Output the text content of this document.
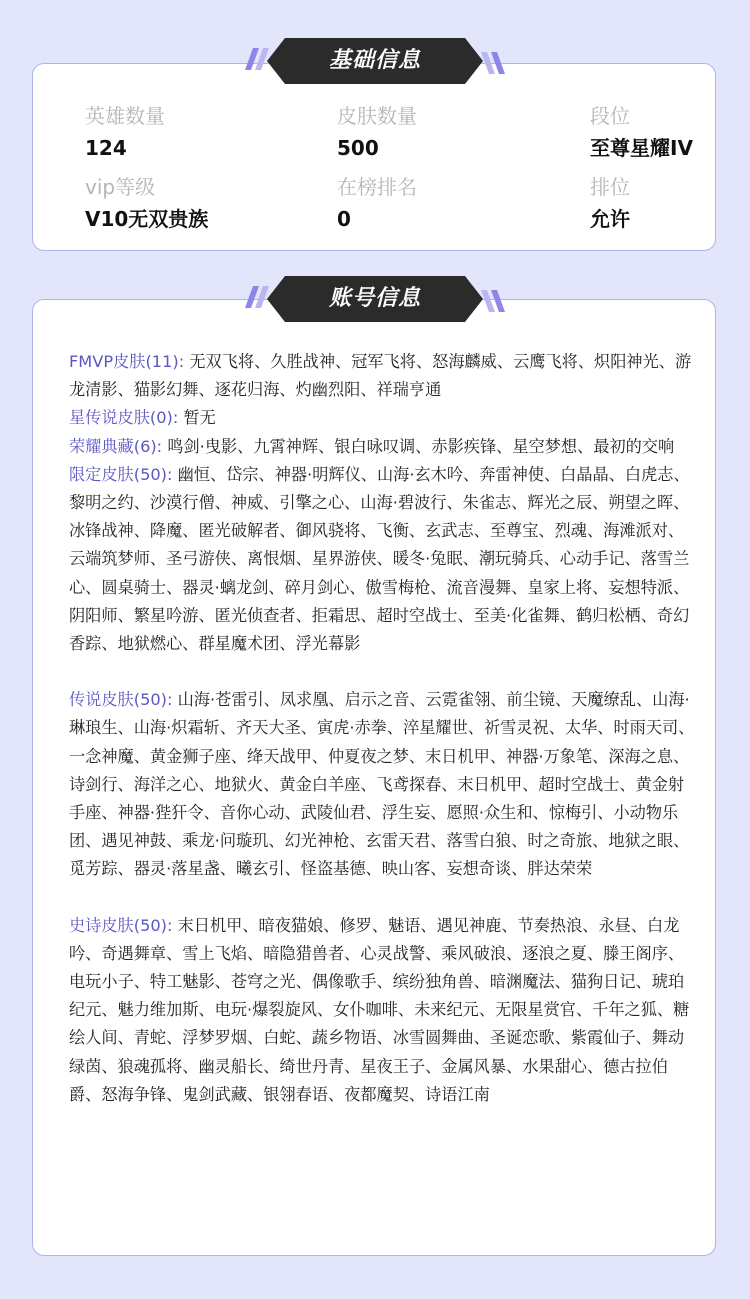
英雄数量
124
皮肤数量
500
段位
至尊星耀IV
vip等级
V10无双贵族
在榜排名
0
排位
允许
基础信息
FMVP皮肤(11): 无双飞将、久胜战神、冠军飞将、怒海麟威、云鹰飞将、炽阳神光、游龙清影、猫影幻舞、逐花归海、灼幽烈阳、祥瑞亨通
星传说皮肤(0): 暂无
荣耀典藏(6): 鸣剑·曳影、九霄神辉、银白咏叹调、赤影疾锋、星空梦想、最初的交响
限定皮肤(50): 幽恒、岱宗、神器·明辉仪、山海·玄木吟、奔雷神使、白晶晶、白虎志、黎明之约、沙漠行僧、神威、引擎之心、山海·碧波行、朱雀志、辉光之辰、朔望之晖、冰锋战神、降魔、匿光破解者、御风骁将、飞衡、玄武志、至尊宝、烈魂、海滩派对、云端筑梦师、圣弓游侠、离恨烟、星界游侠、暖冬·兔眠、潮玩骑兵、心动手记、落雪兰心、圆桌骑士、器灵·螭龙剑、碎月剑心、傲雪梅枪、流音漫舞、皇家上将、妄想特派、阴阳师、繁星吟游、匿光侦查者、拒霜思、超时空战士、至美·化雀舞、鹤归松栖、奇幻香踪、地狱燃心、群星魔术团、浮光幕影
传说皮肤(50): 山海·苍雷引、凤求凰、启示之音、云霓雀翎、前尘镜、天魔缭乱、山海·琳琅生、山海·炽霜斩、齐天大圣、寅虎·赤拳、淬星耀世、祈雪灵祝、太华、时雨天司、一念神魔、黄金狮子座、绛天战甲、仲夏夜之梦、末日机甲、神器·万象笔、深海之息、诗剑行、海洋之心、地狱火、黄金白羊座、飞鸢探春、末日机甲、超时空战士、黄金射手座、神器·狴犴令、音你心动、武陵仙君、浮生妄、愿照·众生和、惊梅引、小动物乐团、遇见神鼓、乘龙·问璇玑、幻光神枪、玄雷天君、落雪白狼、时之奇旅、地狱之眼、觅芳踪、器灵·落星盏、曦玄引、怪盗基德、映山客、妄想奇谈、胖达荣荣
史诗皮肤(50): 末日机甲、暗夜猫娘、修罗、魅语、遇见神鹿、节奏热浪、永昼、白龙吟、奇遇舞章、雪上飞焰、暗隐猎兽者、心灵战警、乘风破浪、逐浪之夏、滕王阁序、电玩小子、特工魅影、苍穹之光、偶像歌手、缤纷独角兽、暗渊魔法、猫狗日记、琥珀纪元、魅力维加斯、电玩·爆裂旋风、女仆咖啡、未来纪元、无限星赏官、千年之狐、糖绘人间、青蛇、浮梦罗烟、白蛇、蔬乡物语、冰雪圆舞曲、圣诞恋歌、紫霞仙子、舞动绿茵、狼魂孤将、幽灵船长、绮世丹青、星夜王子、金属风暴、水果甜心、德古拉伯爵、怒海争锋、鬼剑武藏、银翎春语、夜都魔契、诗语江南
账号信息
